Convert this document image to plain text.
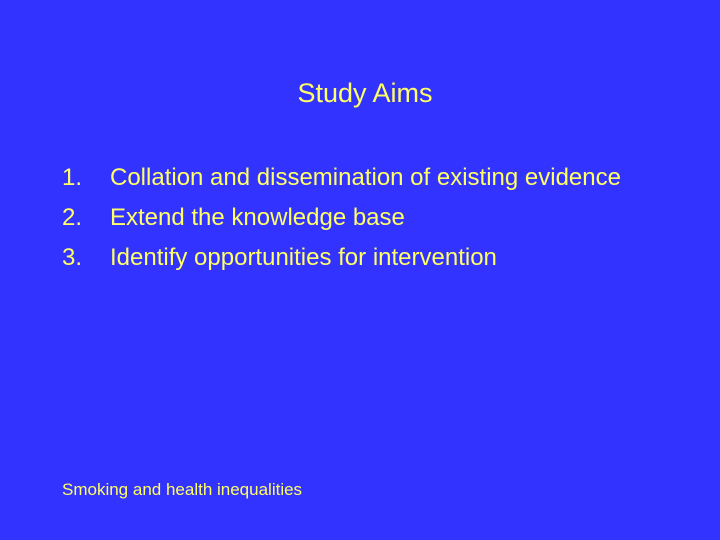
Study Aims
1. Collation and dissemination of existing evidence
2. Extend the knowledge base
3. Identify opportunities for intervention
Smoking and health inequalities
